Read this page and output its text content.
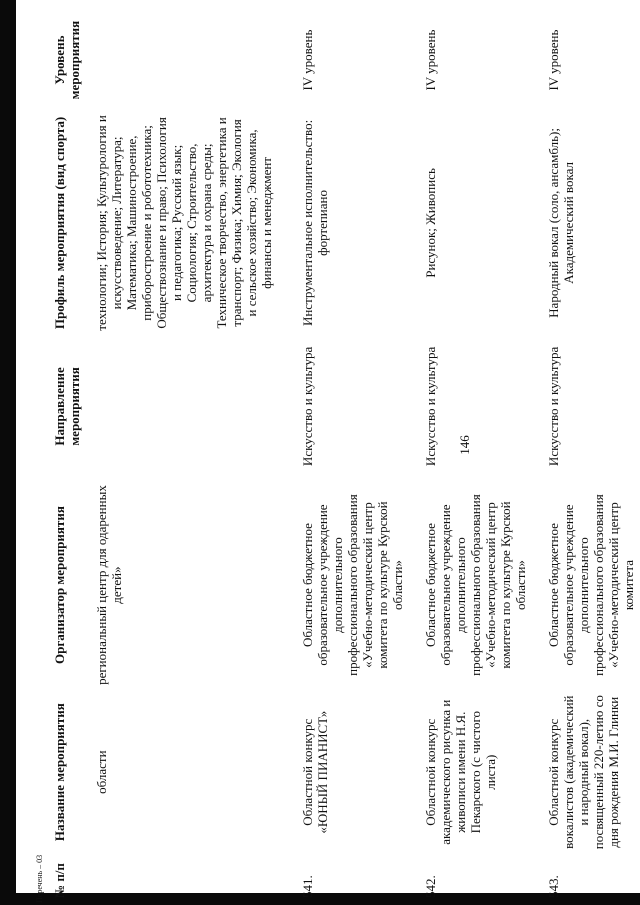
146
Перечень – 03 № п/п	Название мероприятия	Организатор мероприятия	Направление мероприятия	Профиль мероприятия (вид спорта)	Уровень мероприятия
	области	региональный центр для одаренных детей»		технологии; История; Культурология и искусствоведение; Литература; Математика; Машиностроение, приборостроение и робототехника; Обществознание и право; Психология и педагогика; Русский язык; Социология; Строительство, архитектура и охрана среды; Техническое творчество, энергетика и транспорт; Физика; Химия; Экология и сельское хозяйство; Экономика, финансы и менеджмент	
541.	Областной конкурс «ЮНЫЙ ПИАНИСТ»	Областное бюджетное образовательное учреждение дополнительного профессионального образования «Учебно-методический центр комитета по культуре Курской области»	Искусство и культура	Инструментальное исполнительство: фортепиано	IV уровень
542.	Областной конкурс академического рисунка и живописи имени Н.Я. Пекарского (с чистого листа)	Областное бюджетное образовательное учреждение дополнительного профессионального образования «Учебно-методический центр комитета по культуре Курской области»	Искусство и культура	Рисунок; Живопись	IV уровень
543.	Областной конкурс вокалистов (академический и народный вокал), посвященный 220-летию со дня рождения М.И. Глинки	Областное бюджетное образовательное учреждение дополнительного профессионального образования «Учебно-методический центр комитета	Искусство и культура	Народный вокал (соло, ансамбль); Академический вокал	IV уровень
